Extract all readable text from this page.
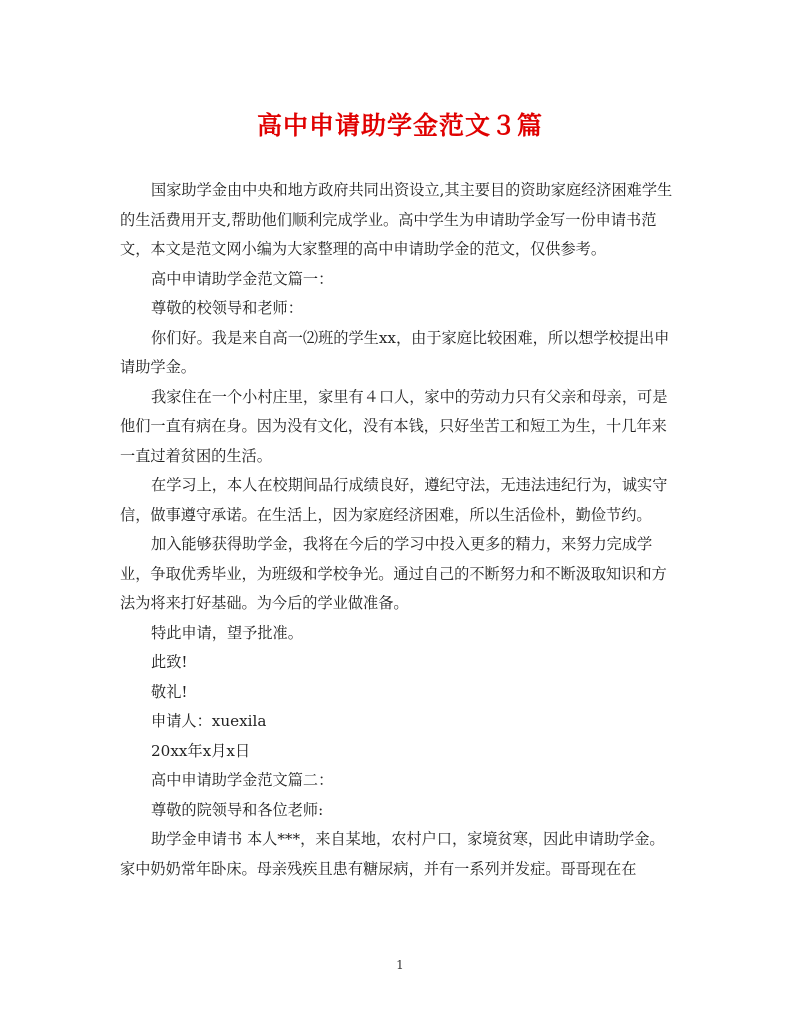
高中申请助学金范文３篇

国家助学金由中央和地方政府共同出资设立,其主要目的资助家庭经济困难学生的生活费用开支,帮助他们顺利完成学业。高中学生为申请助学金写一份申请书范文，本文是范文网小编为大家整理的高中申请助学金的范文，仅供参考。

高中申请助学金范文篇一：

尊敬的校领导和老师：

你们好。我是来自高一⑵班的学生xx，由于家庭比较困难，所以想学校提出申请助学金。

我家住在一个小村庄里，家里有４口人，家中的劳动力只有父亲和母亲，可是他们一直有病在身。因为没有文化，没有本钱，只好坐苦工和短工为生，十几年来一直过着贫困的生活。

在学习上，本人在校期间品行成绩良好，遵纪守法，无违法违纪行为，诚实守信，做事遵守承诺。在生活上，因为家庭经济困难，所以生活俭朴，勤俭节约。

加入能够获得助学金，我将在今后的学习中投入更多的精力，来努力完成学业，争取优秀毕业，为班级和学校争光。通过自己的不断努力和不断汲取知识和方法为将来打好基础。为今后的学业做准备。

特此申请，望予批准。

此致!

敬礼!

申请人：xuexila

20xx年x月x日

高中申请助学金范文篇二：

尊敬的院领导和各位老师:

助学金申请书 本人***，来自某地，农村户口，家境贫寒，因此申请助学金。 家中奶奶常年卧床。母亲残疾且患有糖尿病，并有一系列并发症。哥哥现在在

1
